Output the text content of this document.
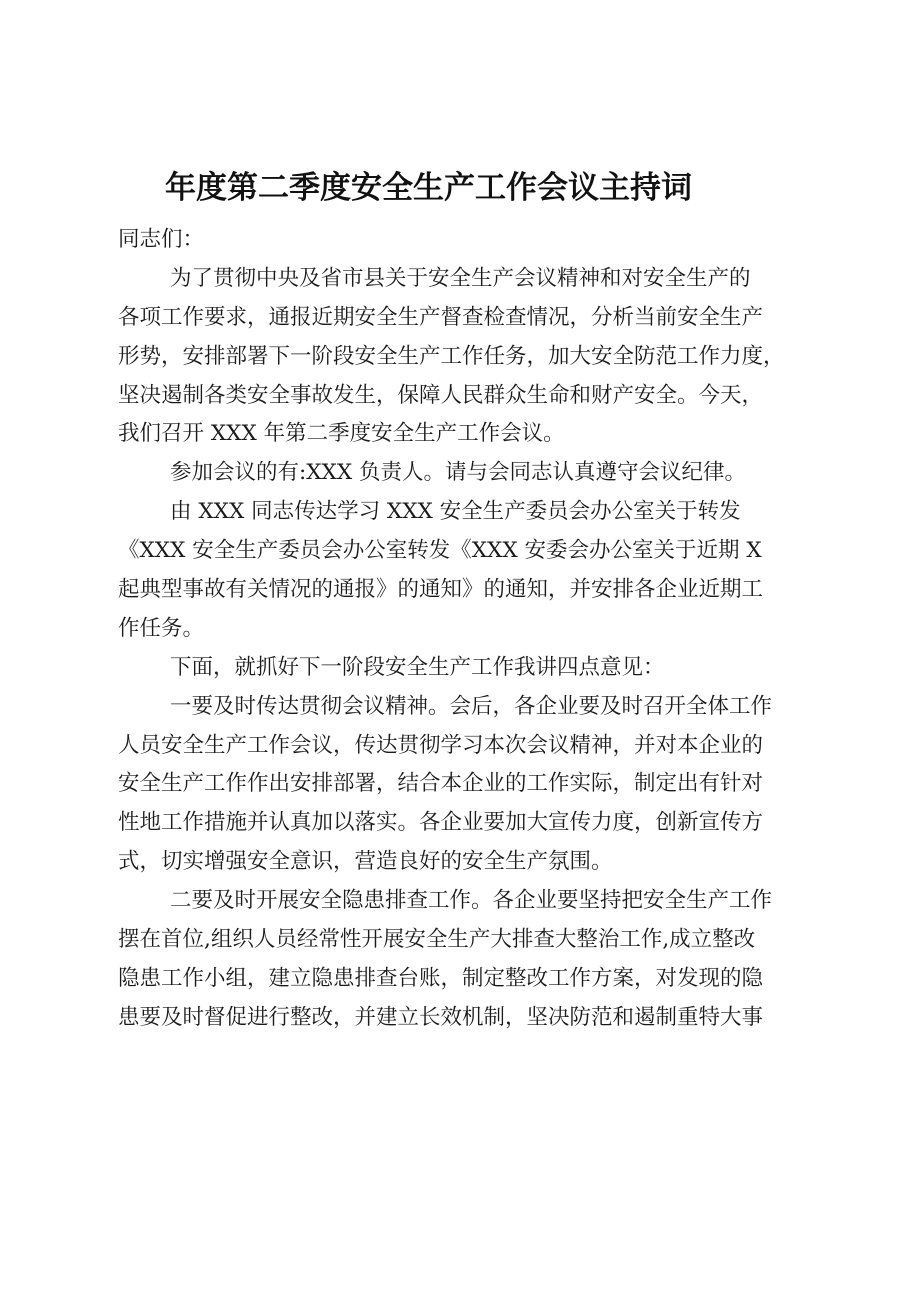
年度第二季度安全生产工作会议主持词
同志们：
为了贯彻中央及省市县关于安全生产会议精神和对安全生产的
各项工作要求，通报近期安全生产督查检查情况，分析当前安全生产
形势，安排部署下一阶段安全生产工作任务，加大安全防范工作力度，
坚决遏制各类安全事故发生，保障人民群众生命和财产安全。今天，
我们召开 XXX 年第二季度安全生产工作会议。
参加会议的有:XXX 负责人。请与会同志认真遵守会议纪律。
由 XXX 同志传达学习 XXX 安全生产委员会办公室关于转发
《XXX 安全生产委员会办公室转发《XXX 安委会办公室关于近期 X
起典型事故有关情况的通报》的通知》的通知，并安排各企业近期工
作任务。
下面，就抓好下一阶段安全生产工作我讲四点意见：
一要及时传达贯彻会议精神。会后，各企业要及时召开全体工作
人员安全生产工作会议，传达贯彻学习本次会议精神，并对本企业的
安全生产工作作出安排部署，结合本企业的工作实际，制定出有针对
性地工作措施并认真加以落实。各企业要加大宣传力度，创新宣传方
式，切实增强安全意识，营造良好的安全生产氛围。
二要及时开展安全隐患排查工作。各企业要坚持把安全生产工作
摆在首位,组织人员经常性开展安全生产大排查大整治工作,成立整改
隐患工作小组，建立隐患排查台账，制定整改工作方案，对发现的隐
患要及时督促进行整改，并建立长效机制，坚决防范和遏制重特大事
